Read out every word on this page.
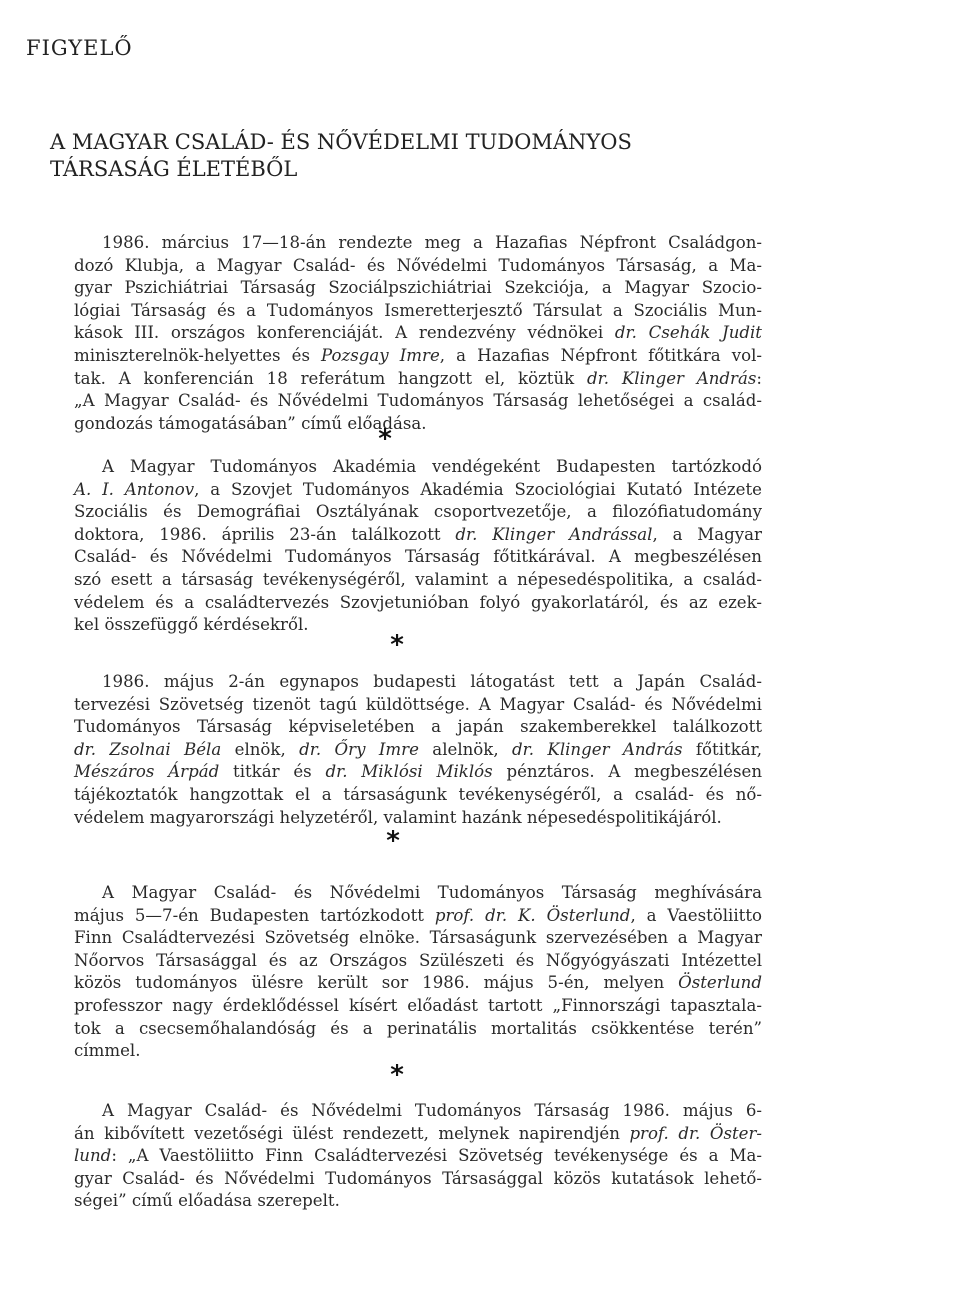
FIGYELŐ
A MAGYAR CSALÁD- ÉS NŐVÉDELMI TUDOMÁNYOS
TÁRSASÁG ÉLETÉBŐL
1986. március 17—18-án rendezte meg a Hazafias Népfront Családgon-
dozó Klubja, a Magyar Család- és Nővédelmi Tudományos Társaság, a Ma-
gyar Pszichiátriai Társaság Szociálpszichiátriai Szekciója, a Magyar Szocio-
lógiai Társaság és a Tudományos Ismeretterjesztő Társulat a Szociális Mun-
kások III. országos konferenciáját. A rendezvény védnökei dr. Csehák Judit
miniszterelnök-helyettes és Pozsgay Imre, a Hazafias Népfront főtitkára vol-
tak. A konferencián 18 referátum hangzott el, köztük dr. Klinger András:
„A Magyar Család- és Nővédelmi Tudományos Társaság lehetőségei a család-
gondozás támogatásában” című előadása.
*
A Magyar Tudományos Akadémia vendégeként Budapesten tartózkodó
A. I. Antonov, a Szovjet Tudományos Akadémia Szociológiai Kutató Intézete
Szociális és Demográfiai Osztályának csoportvezetője, a filozófiatudomány
doktora, 1986. április 23-án találkozott dr. Klinger Andrással, a Magyar
Család- és Nővédelmi Tudományos Társaság főtitkárával. A megbeszélésen
szó esett a társaság tevékenységéről, valamint a népesedéspolitika, a család-
védelem és a családtervezés Szovjetunióban folyó gyakorlatáról, és az ezek-
kel összefüggő kérdésekről.
*
1986. május 2-án egynapos budapesti látogatást tett a Japán Család-
tervezési Szövetség tizenöt tagú küldöttsége. A Magyar Család- és Nővédelmi
Tudományos Társaság képviseletében a japán szakemberekkel találkozott
dr. Zsolnai Béla elnök, dr. Őry Imre alelnök, dr. Klinger András főtitkár,
Mészáros Árpád titkár és dr. Miklósi Miklós pénztáros. A megbeszélésen
tájékoztatók hangzottak el a társaságunk tevékenységéről, a család- és nő-
védelem magyarországi helyzetéről, valamint hazánk népesedéspolitikájáról.
*
A Magyar Család- és Nővédelmi Tudományos Társaság meghívására
május 5—7-én Budapesten tartózkodott prof. dr. K. Österlund, a Vaestöliitto
Finn Családtervezési Szövetség elnöke. Társaságunk szervezésében a Magyar
Nőorvos Társasággal és az Országos Szülészeti és Nőgyógyászati Intézettel
közös tudományos ülésre került sor 1986. május 5-én, melyen Österlund
professzor nagy érdeklődéssel kísért előadást tartott „Finnországi tapasztala-
tok a csecsemőhalandóság és a perinatális mortalitás csökkentése terén”
címmel.
*
A Magyar Család- és Nővédelmi Tudományos Társaság 1986. május 6-
án kibővített vezetőségi ülést rendezett, melynek napirendjén prof. dr. Öster-
lund: „A Vaestöliitto Finn Családtervezési Szövetség tevékenysége és a Ma-
gyar Család- és Nővédelmi Tudományos Társasággal közös kutatások lehető-
ségei” című előadása szerepelt.
